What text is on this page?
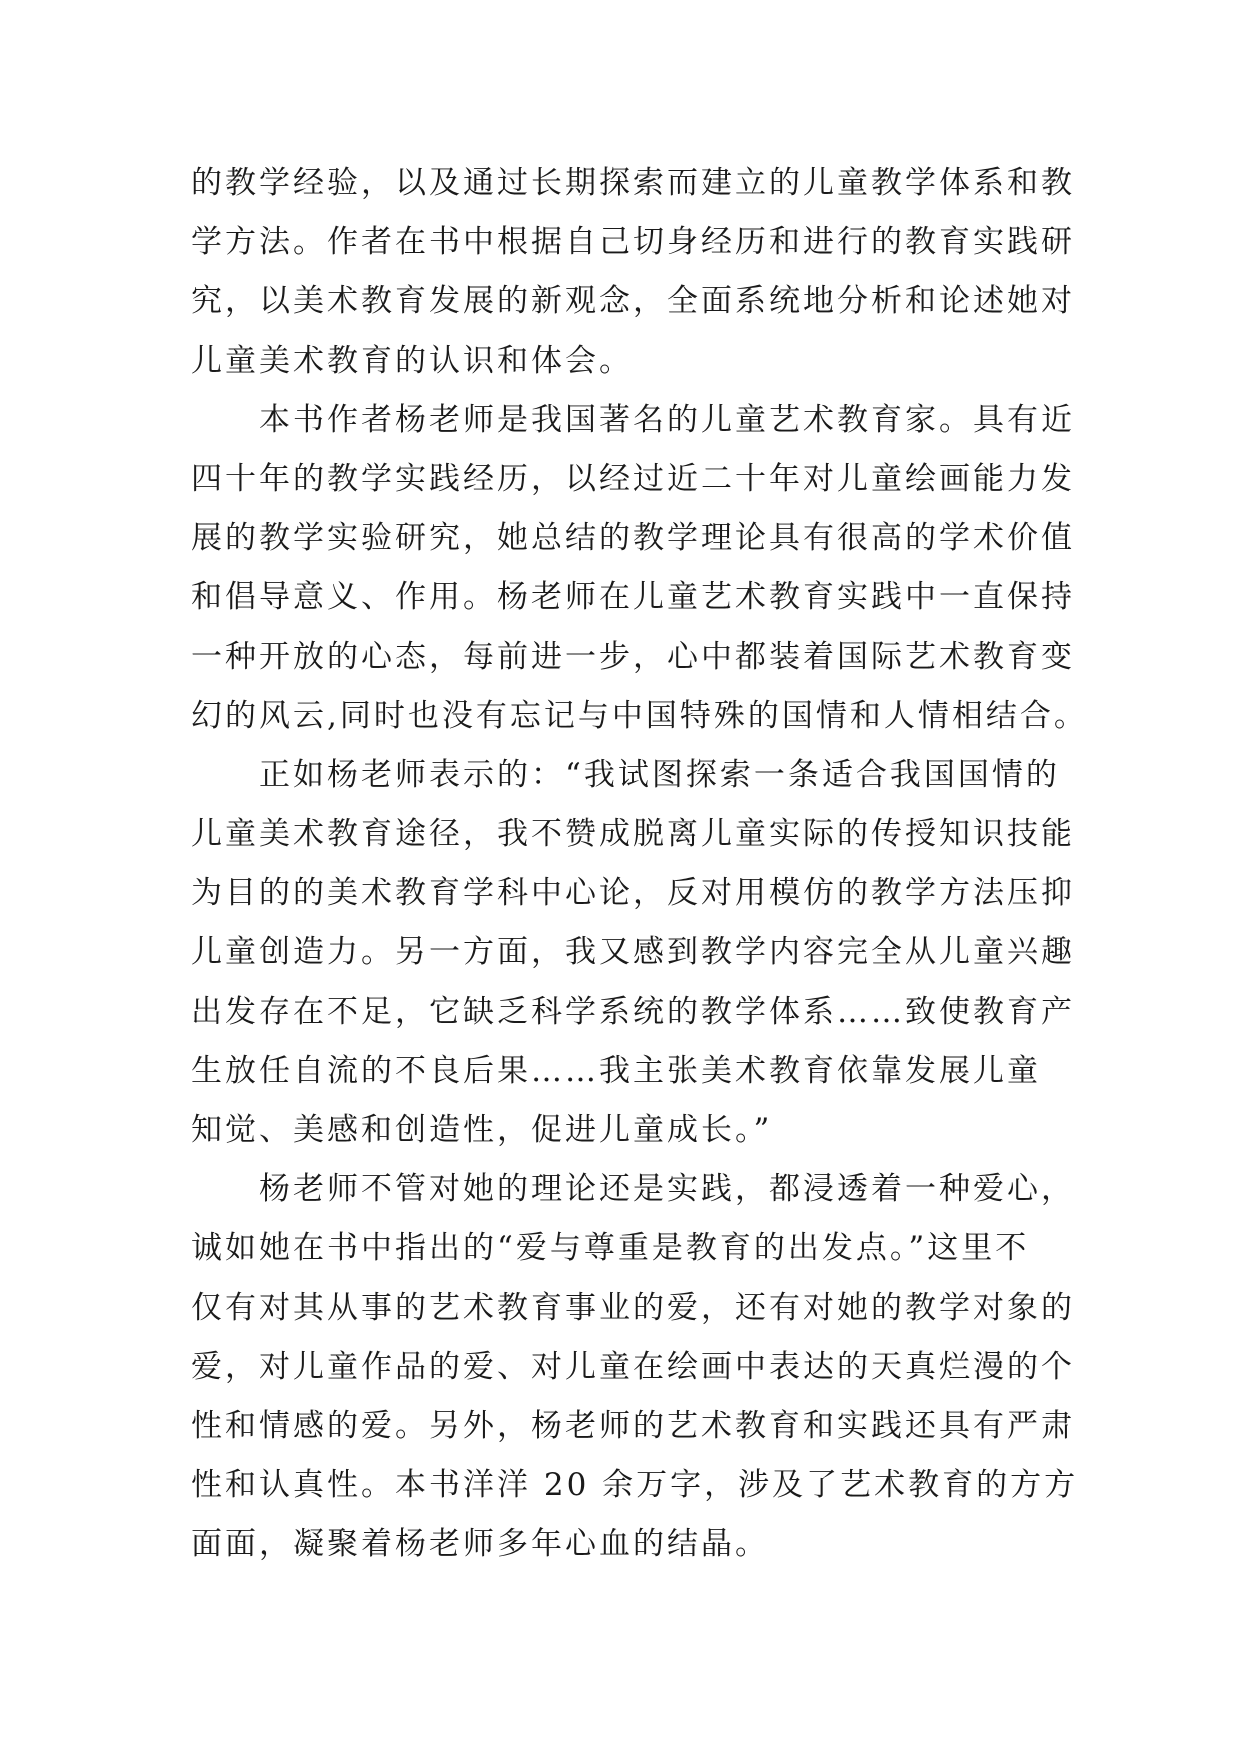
的教学经验，以及通过长期探索而建立的儿童教学体系和教
学方法。作者在书中根据自己切身经历和进行的教育实践研
究，以美术教育发展的新观念，全面系统地分析和论述她对
儿童美术教育的认识和体会。

本书作者杨老师是我国著名的儿童艺术教育家。具有近
四十年的教学实践经历，以经过近二十年对儿童绘画能力发
展的教学实验研究，她总结的教学理论具有很高的学术价值
和倡导意义、作用。杨老师在儿童艺术教育实践中一直保持
一种开放的心态，每前进一步，心中都装着国际艺术教育变
幻的风云,同时也没有忘记与中国特殊的国情和人情相结合。

正如杨老师表示的：“我试图探索一条适合我国国情的
儿童美术教育途径，我不赞成脱离儿童实际的传授知识技能
为目的的美术教育学科中心论，反对用模仿的教学方法压抑
儿童创造力。另一方面，我又感到教学内容完全从儿童兴趣
出发存在不足，它缺乏科学系统的教学体系……致使教育产
生放任自流的不良后果……我主张美术教育依靠发展儿童
知觉、美感和创造性，促进儿童成长。”

杨老师不管对她的理论还是实践，都浸透着一种爱心，
诚如她在书中指出的“爱与尊重是教育的出发点。”这里不
仅有对其从事的艺术教育事业的爱，还有对她的教学对象的
爱，对儿童作品的爱、对儿童在绘画中表达的天真烂漫的个
性和情感的爱。另外，杨老师的艺术教育和实践还具有严肃
性和认真性。本书洋洋 20 余万字，涉及了艺术教育的方方
面面，凝聚着杨老师多年心血的结晶。
